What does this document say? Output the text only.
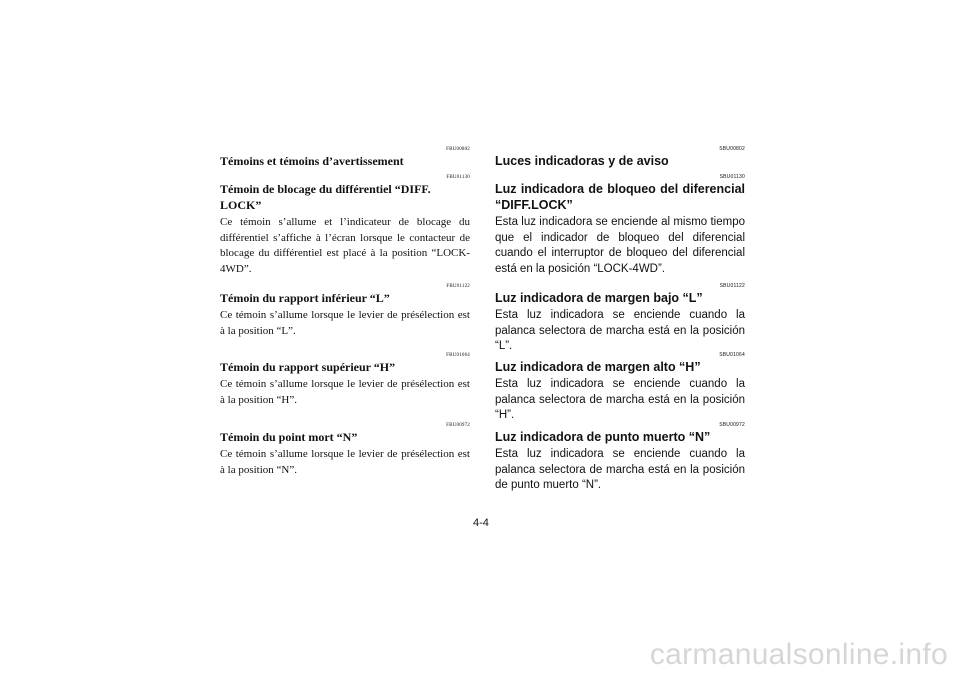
FBU00802

Témoins et témoins d’avertissement

FBU01130

Témoin de blocage du différentiel “DIFF. LOCK”

Ce témoin s’allume et l’indicateur de blocage du différentiel s’affiche à l’écran lorsque le contacteur de blocage du différentiel est placé à la position “LOCK-4WD”.

FBU01122

Témoin du rapport inférieur “L”

Ce témoin s’allume lorsque le levier de présélection est à la position “L”.

FBU01064

Témoin du rapport supérieur “H”

Ce témoin s’allume lorsque le levier de présélection est à la position “H”.

FBU00972

Témoin du point mort “N”

Ce témoin s’allume lorsque le levier de présélection est à la position “N”.

SBU00802

Luces indicadoras y de aviso

SBU01130

Luz indicadora de bloqueo del diferencial “DIFF.LOCK”

Esta luz indicadora se enciende al mismo tiempo que el indicador de bloqueo del diferencial cuando el interruptor de bloqueo del diferencial está en la posición “LOCK-4WD”.

SBU01122

Luz indicadora de margen bajo “L”

Esta luz indicadora se enciende cuando la palanca selectora de marcha está en la posición “L”.

SBU01064

Luz indicadora de margen alto “H”

Esta luz indicadora se enciende cuando la palanca selectora de marcha está en la posición “H”.

SBU00972

Luz indicadora de punto muerto “N”

Esta luz indicadora se enciende cuando la palanca selectora de marcha está en la posición de punto muerto “N”.

4-4
carmanualsonline.info
